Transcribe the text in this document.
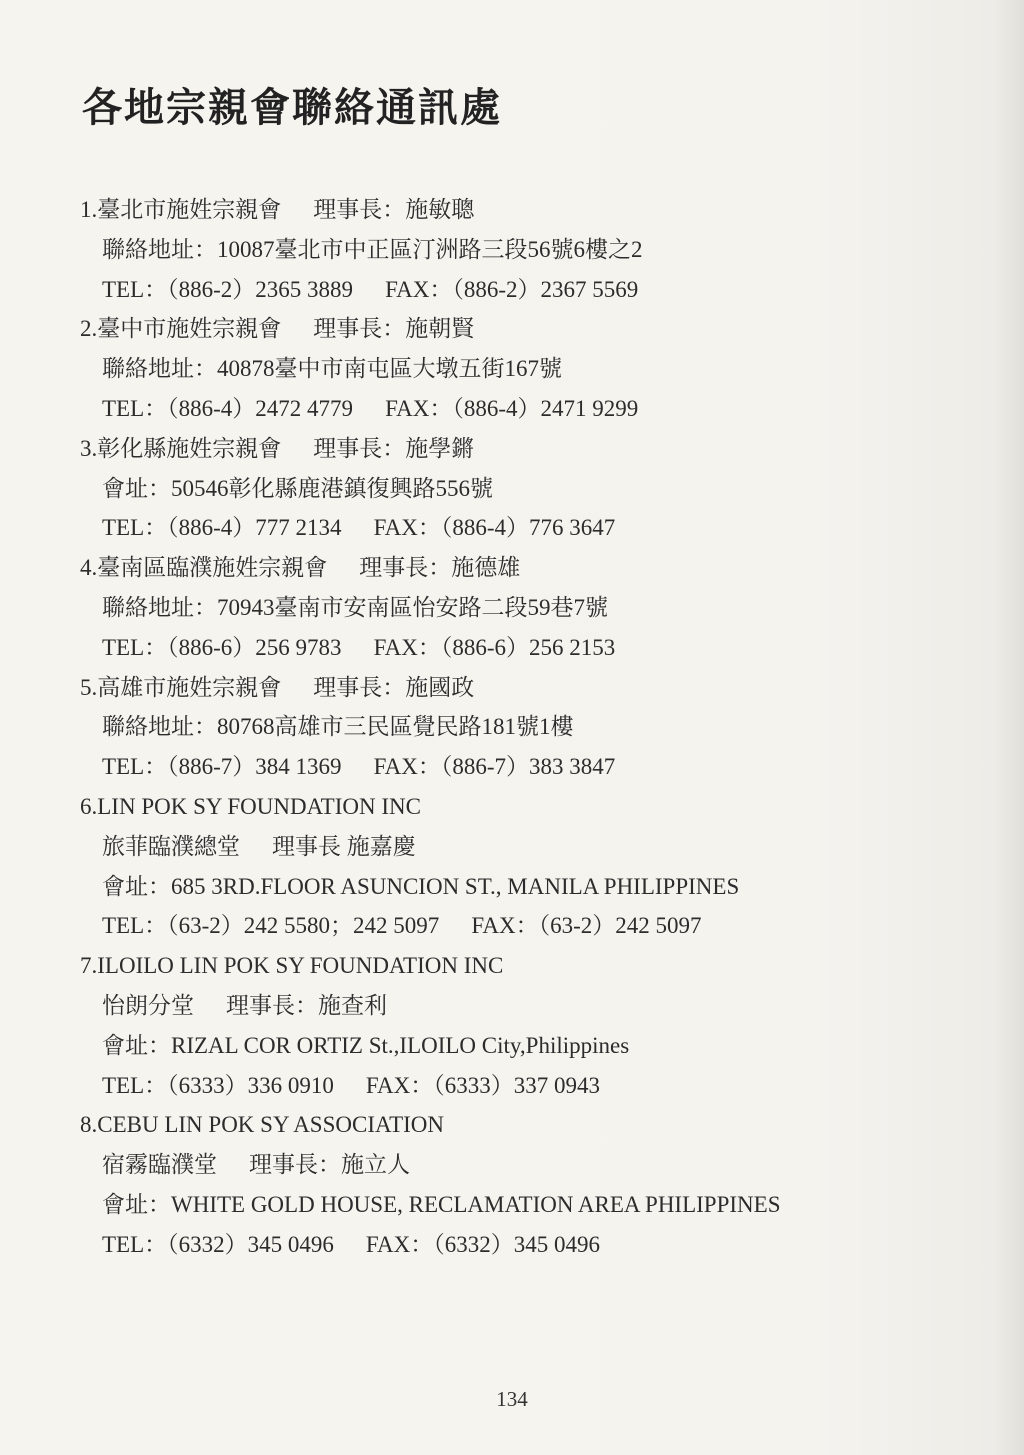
各地宗親會聯絡通訊處
1.臺北市施姓宗親會 理事長：施敏聰
聯絡地址：10087臺北市中正區汀洲路三段56號6樓之2
TEL：（886-2）2365 3889 FAX：（886-2）2367 5569
2.臺中市施姓宗親會 理事長：施朝賢
聯絡地址：40878臺中市南屯區大墩五街167號
TEL：（886-4）2472 4779 FAX：（886-4）2471 9299
3.彰化縣施姓宗親會 理事長：施學鏘
會址：50546彰化縣鹿港鎮復興路556號
TEL：（886-4）777 2134 FAX：（886-4）776 3647
4.臺南區臨濮施姓宗親會 理事長：施德雄
聯絡地址：70943臺南市安南區怡安路二段59巷7號
TEL：（886-6）256 9783 FAX：（886-6）256 2153
5.高雄市施姓宗親會 理事長：施國政
聯絡地址：80768高雄市三民區覺民路181號1樓
TEL：（886-7）384 1369 FAX：（886-7）383 3847
6.LIN POK SY FOUNDATION INC
旅菲臨濮總堂 理事長 施嘉慶
會址：685 3RD.FLOOR ASUNCION ST., MANILA PHILIPPINES
TEL：（63-2）242 5580；242 5097 FAX：（63-2）242 5097
7.ILOILO LIN POK SY FOUNDATION INC
怡朗分堂 理事長：施查利
會址：RIZAL COR ORTIZ St.,ILOILO City,Philippines
TEL：（6333）336 0910 FAX：（6333）337 0943
8.CEBU LIN POK SY ASSOCIATION
宿霧臨濮堂 理事長：施立人
會址：WHITE GOLD HOUSE, RECLAMATION AREA PHILIPPINES
TEL：（6332）345 0496 FAX：（6332）345 0496
134
